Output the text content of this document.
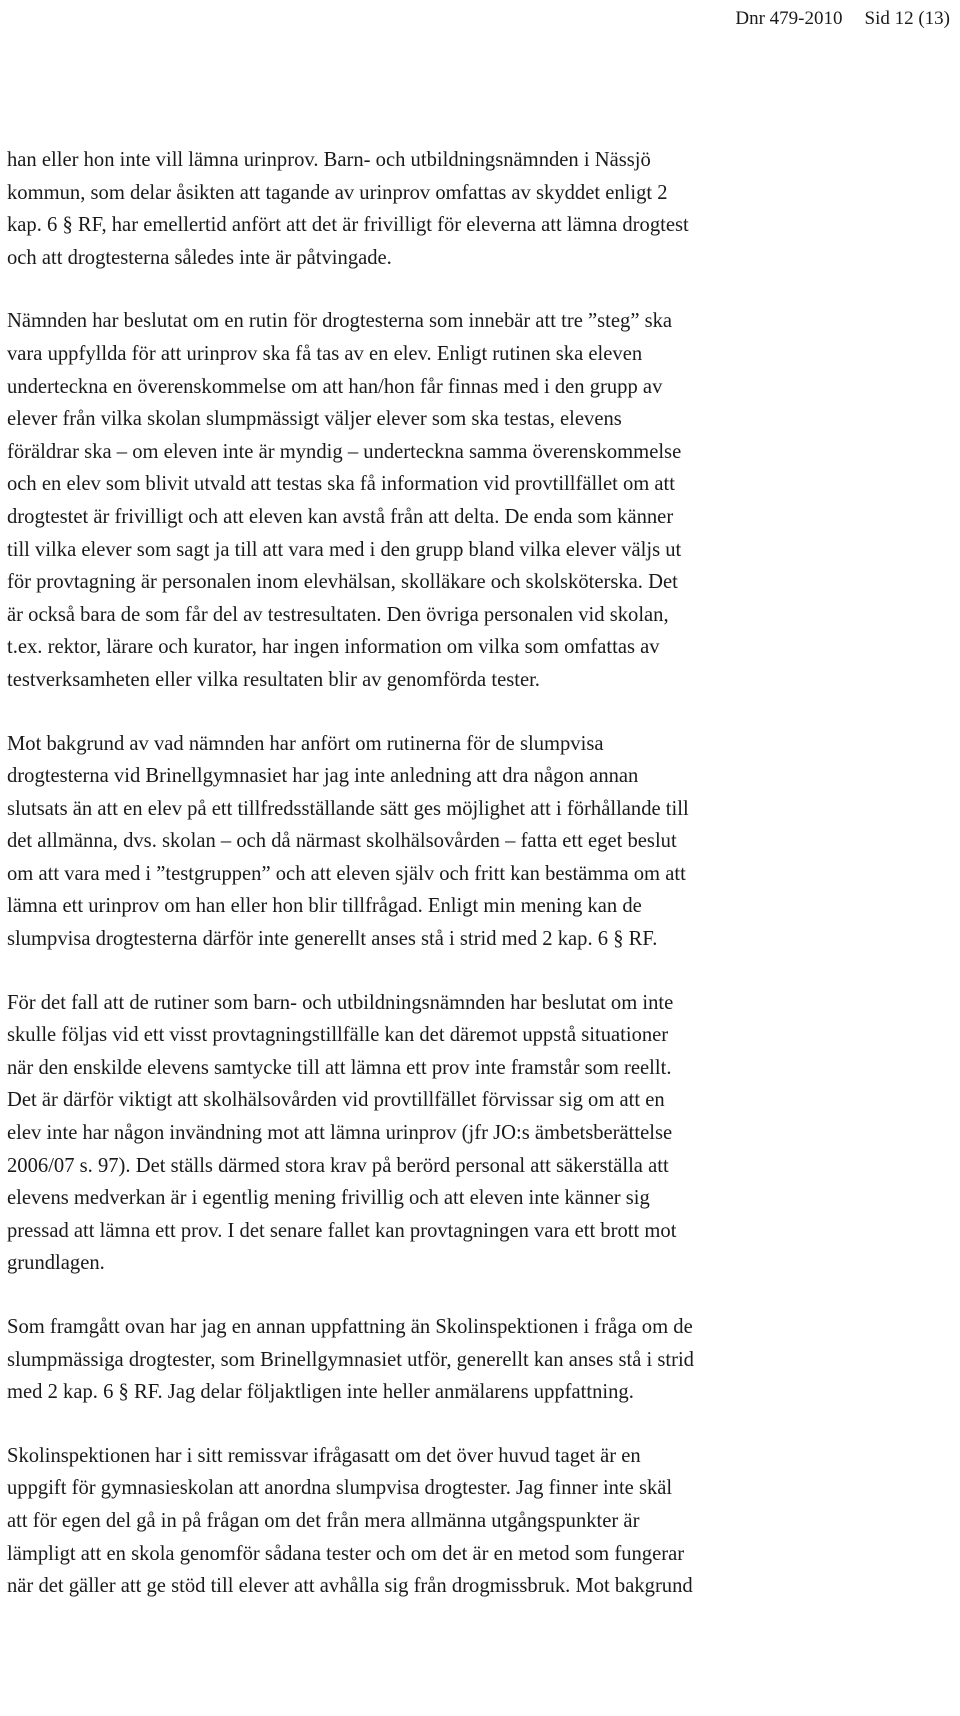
Dnr 479-2010 Sid 12 (13)

han eller hon inte vill lämna urinprov. Barn- och utbildningsnämnden i Nässjö
kommun, som delar åsikten att tagande av urinprov omfattas av skyddet enligt 2
kap. 6 § RF, har emellertid anfört att det är frivilligt för eleverna att lämna drogtest
och att drogtesterna således inte är påtvingade.

Nämnden har beslutat om en rutin för drogtesterna som innebär att tre ”steg” ska
vara uppfyllda för att urinprov ska få tas av en elev. Enligt rutinen ska eleven
underteckna en överenskommelse om att han/hon får finnas med i den grupp av
elever från vilka skolan slumpmässigt väljer elever som ska testas, elevens
föräldrar ska – om eleven inte är myndig – underteckna samma överenskommelse
och en elev som blivit utvald att testas ska få information vid provtillfället om att
drogtestet är frivilligt och att eleven kan avstå från att delta. De enda som känner
till vilka elever som sagt ja till att vara med i den grupp bland vilka elever väljs ut
för provtagning är personalen inom elevhälsan, skolläkare och skolsköterska. Det
är också bara de som får del av testresultaten. Den övriga personalen vid skolan,
t.ex. rektor, lärare och kurator, har ingen information om vilka som omfattas av
testverksamheten eller vilka resultaten blir av genomförda tester.

Mot bakgrund av vad nämnden har anfört om rutinerna för de slumpvisa
drogtesterna vid Brinellgymnasiet har jag inte anledning att dra någon annan
slutsats än att en elev på ett tillfredsställande sätt ges möjlighet att i förhållande till
det allmänna, dvs. skolan – och då närmast skolhälsovården – fatta ett eget beslut
om att vara med i ”testgruppen” och att eleven själv och fritt kan bestämma om att
lämna ett urinprov om han eller hon blir tillfrågad. Enligt min mening kan de
slumpvisa drogtesterna därför inte generellt anses stå i strid med 2 kap. 6 § RF.

För det fall att de rutiner som barn- och utbildningsnämnden har beslutat om inte
skulle följas vid ett visst provtagningstillfälle kan det däremot uppstå situationer
när den enskilde elevens samtycke till att lämna ett prov inte framstår som reellt.
Det är därför viktigt att skolhälsovården vid provtillfället förvissar sig om att en
elev inte har någon invändning mot att lämna urinprov (jfr JO:s ämbetsberättelse
2006/07 s. 97). Det ställs därmed stora krav på berörd personal att säkerställa att
elevens medverkan är i egentlig mening frivillig och att eleven inte känner sig
pressad att lämna ett prov. I det senare fallet kan provtagningen vara ett brott mot
grundlagen.

Som framgått ovan har jag en annan uppfattning än Skolinspektionen i fråga om de
slumpmässiga drogtester, som Brinellgymnasiet utför, generellt kan anses stå i strid
med 2 kap. 6 § RF. Jag delar följaktligen inte heller anmälarens uppfattning.

Skolinspektionen har i sitt remissvar ifrågasatt om det över huvud taget är en
uppgift för gymnasieskolan att anordna slumpvisa drogtester. Jag finner inte skäl
att för egen del gå in på frågan om det från mera allmänna utgångspunkter är
lämpligt att en skola genomför sådana tester och om det är en metod som fungerar
när det gäller att ge stöd till elever att avhålla sig från drogmissbruk. Mot bakgrund
